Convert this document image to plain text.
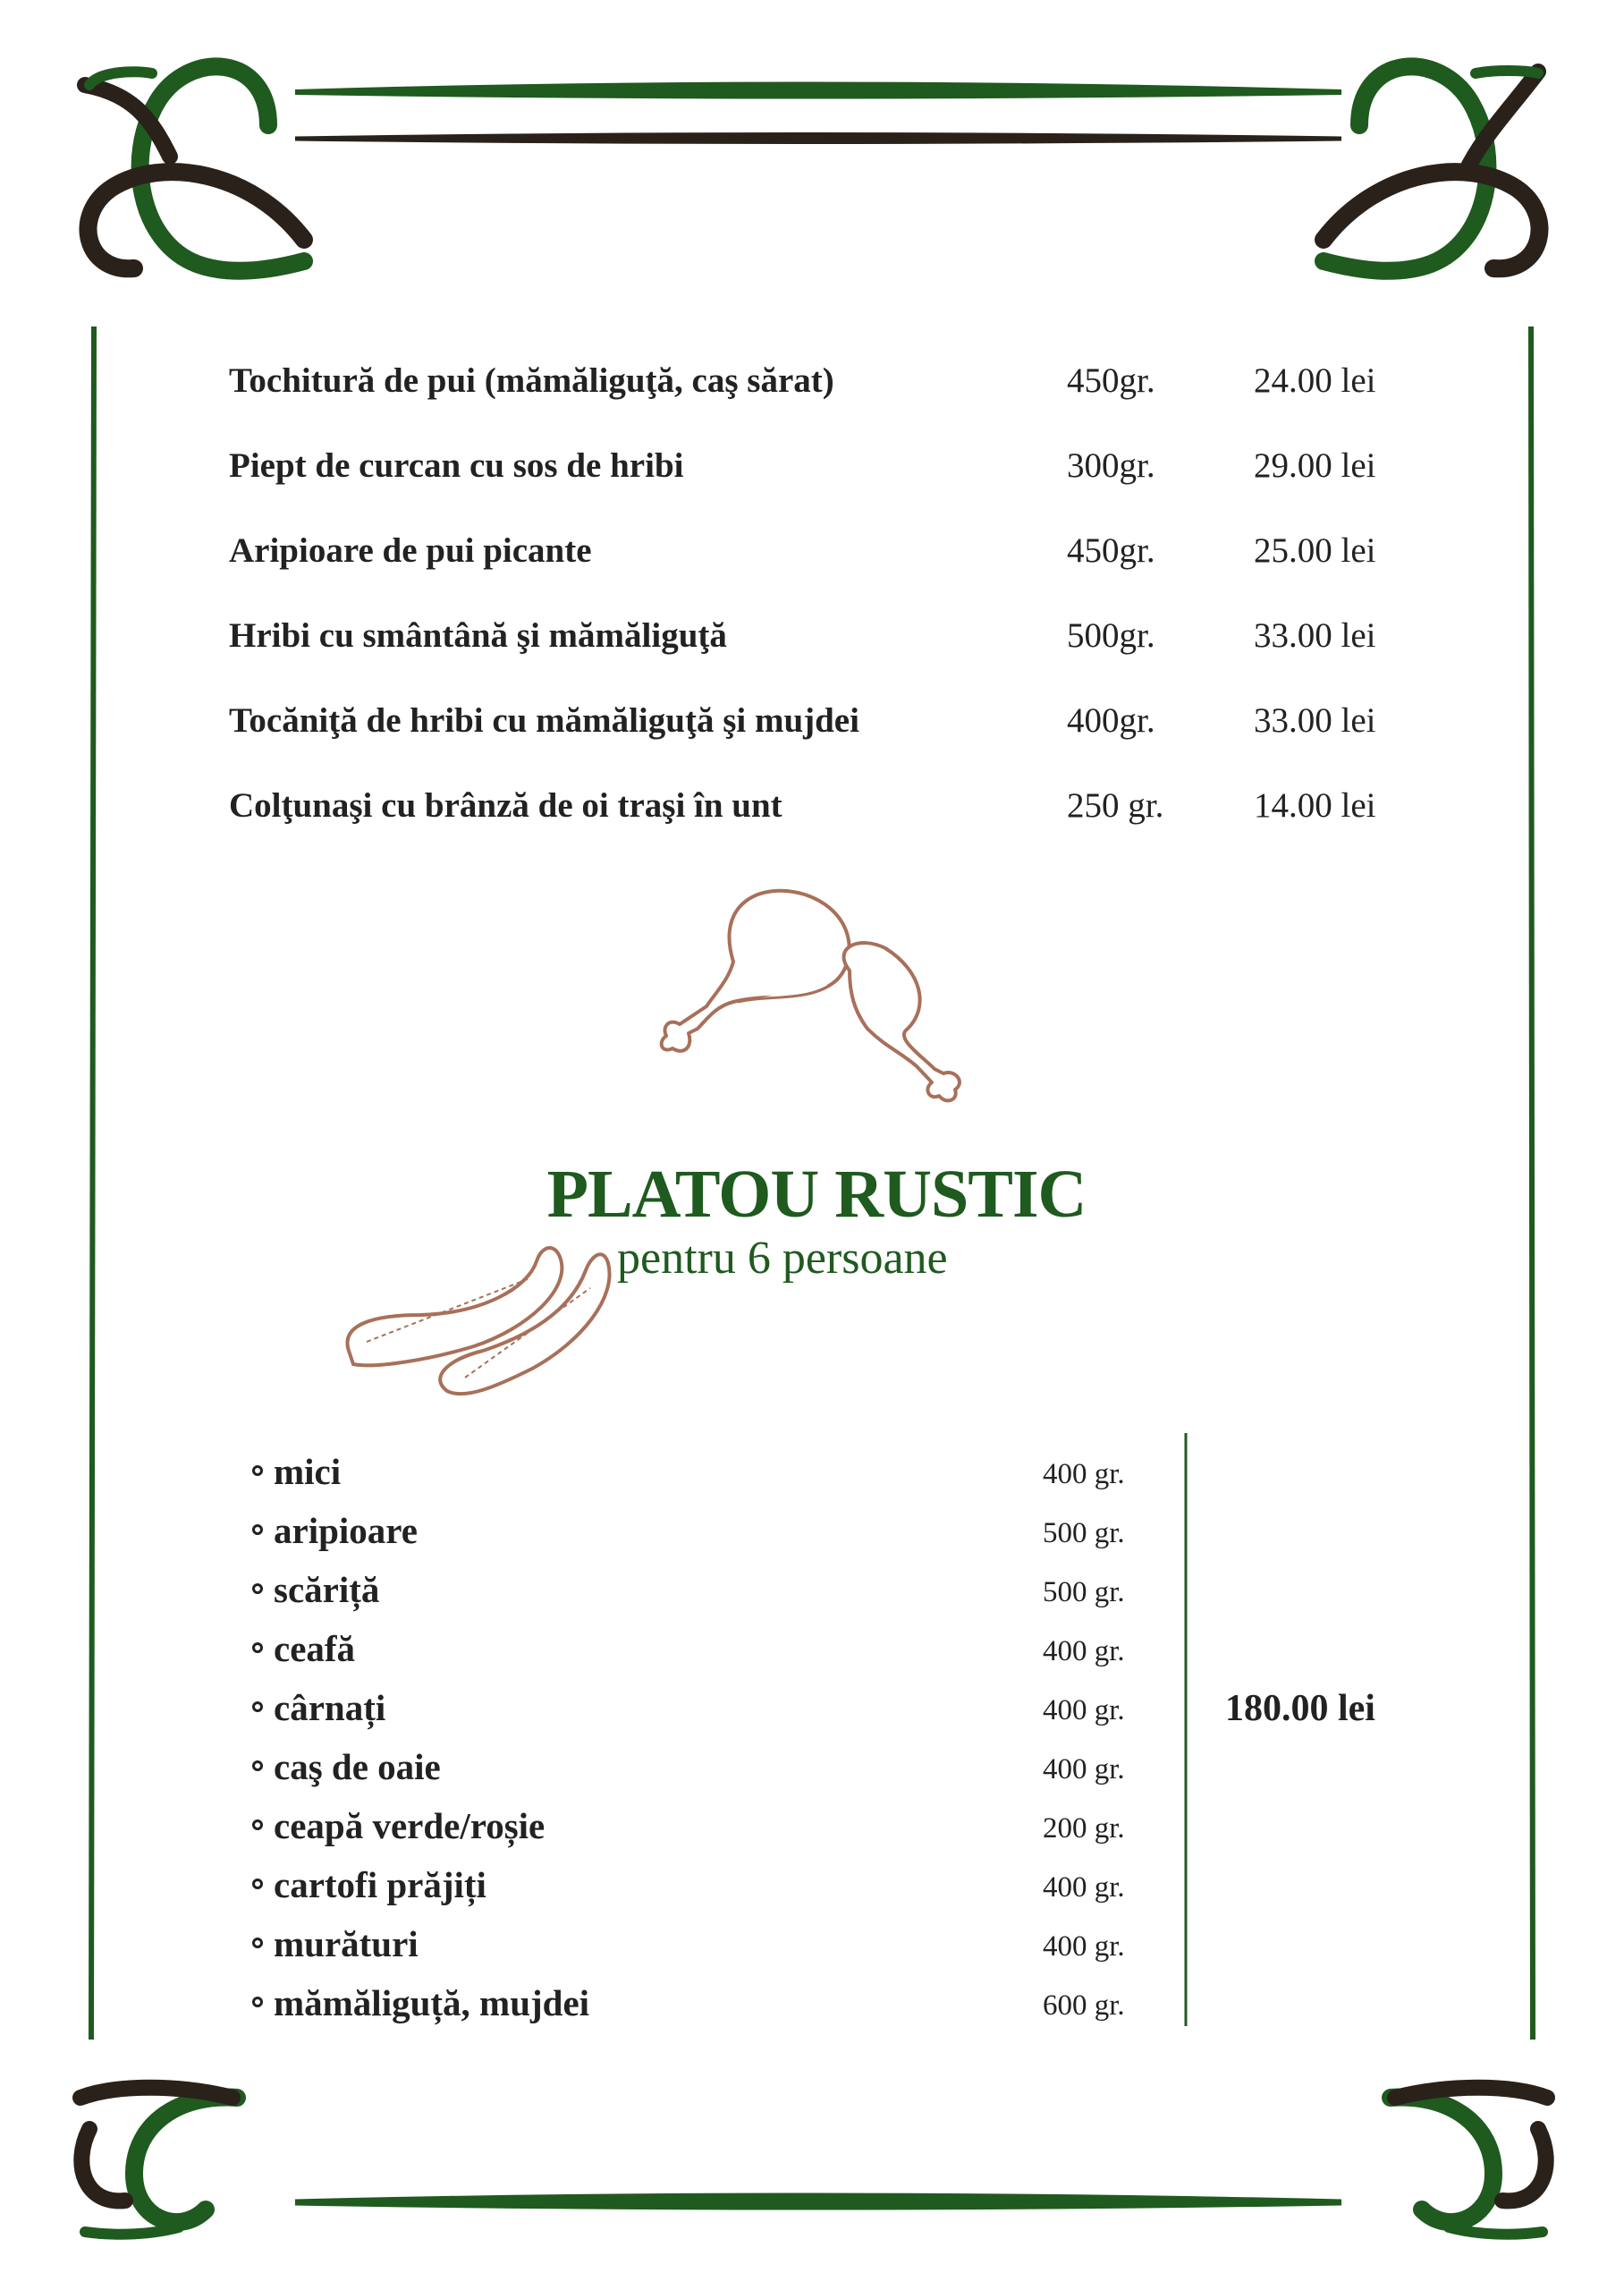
Tochitură de pui (mămăliguţă, caş sărat)	450gr.	24.00 lei
Piept de curcan cu sos de hribi	300gr.	29.00 lei
Aripioare de pui picante	450gr.	25.00 lei
Hribi cu smântână şi mămăliguţă	500gr.	33.00 lei
Tocăniţă de hribi cu mămăliguţă şi mujdei	400gr.	33.00 lei
Colţunaşi cu brânză de oi traşi în unt	250 gr.	14.00 lei
PLATOU RUSTIC
pentru 6 persoane
mici	400 gr.
aripioare	500 gr.
scăriță	500 gr.
ceafă	400 gr.
cârnați	400 gr.
caş de oaie	400 gr.
ceapă verde/roșie	200 gr.
cartofi prăjiți	400 gr.
murături	400 gr.
mămăliguță, mujdei	600 gr.
180.00 lei
